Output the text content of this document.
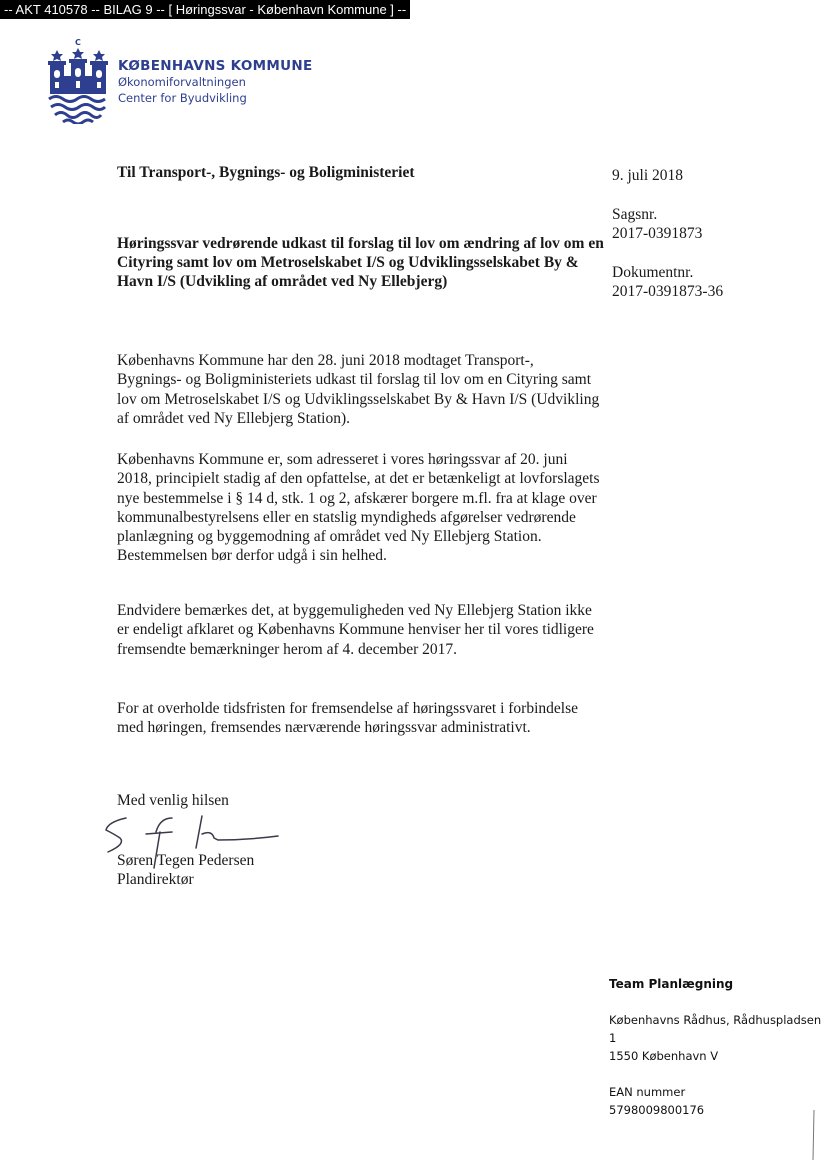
-- AKT 410578 -- BILAG 9 -- [ Høringssvar - København Kommune ] --
C
KØBENHAVNS KOMMUNE
Økonomiforvaltningen
Center for Byudvikling
Til Transport-, Bygnings- og Boligministeriet	9. juli 2018
Sagsnr.
2017-0391873
Dokumentnr.
2017-0391873-36
Høringssvar vedrørende udkast til forslag til lov om ændring af lov om en Cityring samt lov om Metroselskabet I/S og Udviklingsselskabet By & Havn I/S (Udvikling af området ved Ny Ellebjerg)

Københavns Kommune har den 28. juni 2018 modtaget Transport-, Bygnings- og Boligministeriets udkast til forslag til lov om en Cityring samt lov om Metroselskabet I/S og Udviklingsselskabet By & Havn I/S (Udvikling af området ved Ny Ellebjerg Station).

Københavns Kommune er, som adresseret i vores høringssvar af 20. juni 2018, principielt stadig af den opfattelse, at det er betænkeligt at lovforslagets nye bestemmelse i § 14 d, stk. 1 og 2, afskærer borgere m.fl. fra at klage over kommunalbestyrelsens eller en statslig myndigheds afgørelser vedrørende planlægning og byggemodning af området ved Ny Ellebjerg Station. Bestemmelsen bør derfor udgå i sin helhed.

Endvidere bemærkes det, at byggemuligheden ved Ny Ellebjerg Station ikke er endeligt afklaret og Københavns Kommune henviser her til vores tidligere fremsendte bemærkninger herom af 4. december 2017.

For at overholde tidsfristen for fremsendelse af høringssvaret i forbindelse med høringen, fremsendes nærværende høringssvar administrativt.

Med venlig hilsen
Søren Tegen Pedersen
Plandirektør
Team Planlægning
Københavns Rådhus, Rådhuspladsen
1
1550 København V
EAN nummer
5798009800176
